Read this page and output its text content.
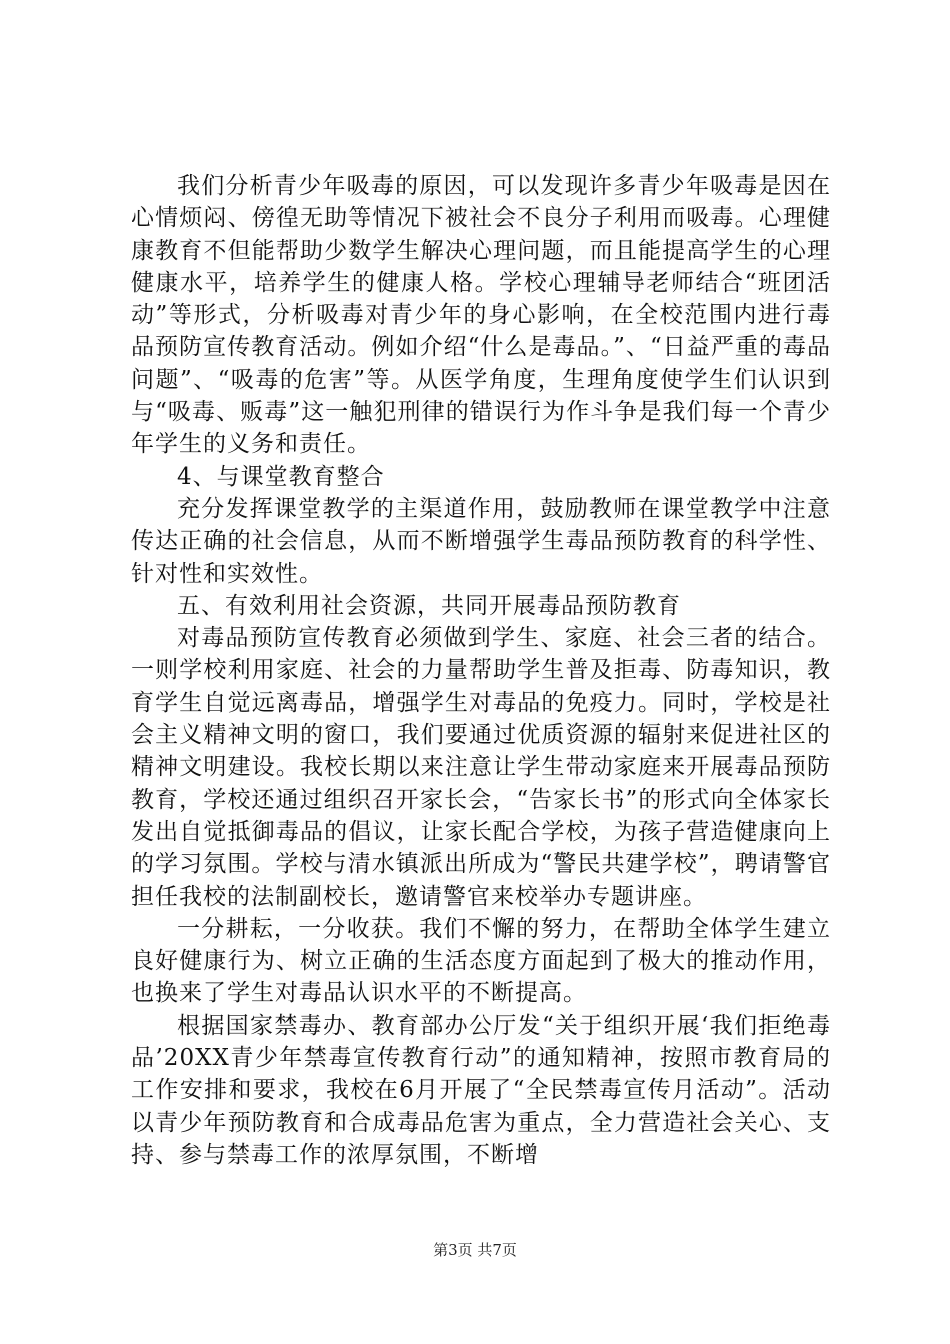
我们分析青少年吸毒的原因，可以发现许多青少年吸毒是因在心情烦闷、傍徨无助等情况下被社会不良分子利用而吸毒。心理健康教育不但能帮助少数学生解决心理问题，而且能提高学生的心理健康水平，培养学生的健康人格。学校心理辅导老师结合“班团活动”等形式，分析吸毒对青少年的身心影响，在全校范围内进行毒品预防宣传教育活动。例如介绍“什么是毒品。”、“日益严重的毒品问题”、“吸毒的危害”等。从医学角度，生理角度使学生们认识到与“吸毒、贩毒”这一触犯刑律的错误行为作斗争是我们每一个青少年学生的义务和责任。

4、与课堂教育整合

充分发挥课堂教学的主渠道作用，鼓励教师在课堂教学中注意传达正确的社会信息，从而不断增强学生毒品预防教育的科学性、针对性和实效性。

五、有效利用社会资源，共同开展毒品预防教育

对毒品预防宣传教育必须做到学生、家庭、社会三者的结合。一则学校利用家庭、社会的力量帮助学生普及拒毒、防毒知识，教育学生自觉远离毒品，增强学生对毒品的免疫力。同时，学校是社会主义精神文明的窗口，我们要通过优质资源的辐射来促进社区的精神文明建设。我校长期以来注意让学生带动家庭来开展毒品预防教育，学校还通过组织召开家长会，“告家长书”的形式向全体家长发出自觉抵御毒品的倡议，让家长配合学校，为孩子营造健康向上的学习氛围。学校与清水镇派出所成为“警民共建学校”，聘请警官担任我校的法制副校长，邀请警官来校举办专题讲座。

一分耕耘，一分收获。我们不懈的努力，在帮助全体学生建立良好健康行为、树立正确的生活态度方面起到了极大的推动作用，也换来了学生对毒品认识水平的不断提高。

根据国家禁毒办、教育部办公厅发“关于组织开展‘我们拒绝毒品’20XX青少年禁毒宣传教育行动”的通知精神，按照市教育局的工作安排和要求，我校在6月开展了“全民禁毒宣传月活动”。活动以青少年预防教育和合成毒品危害为重点，全力营造社会关心、支持、参与禁毒工作的浓厚氛围，不断增

第3页 共7页
